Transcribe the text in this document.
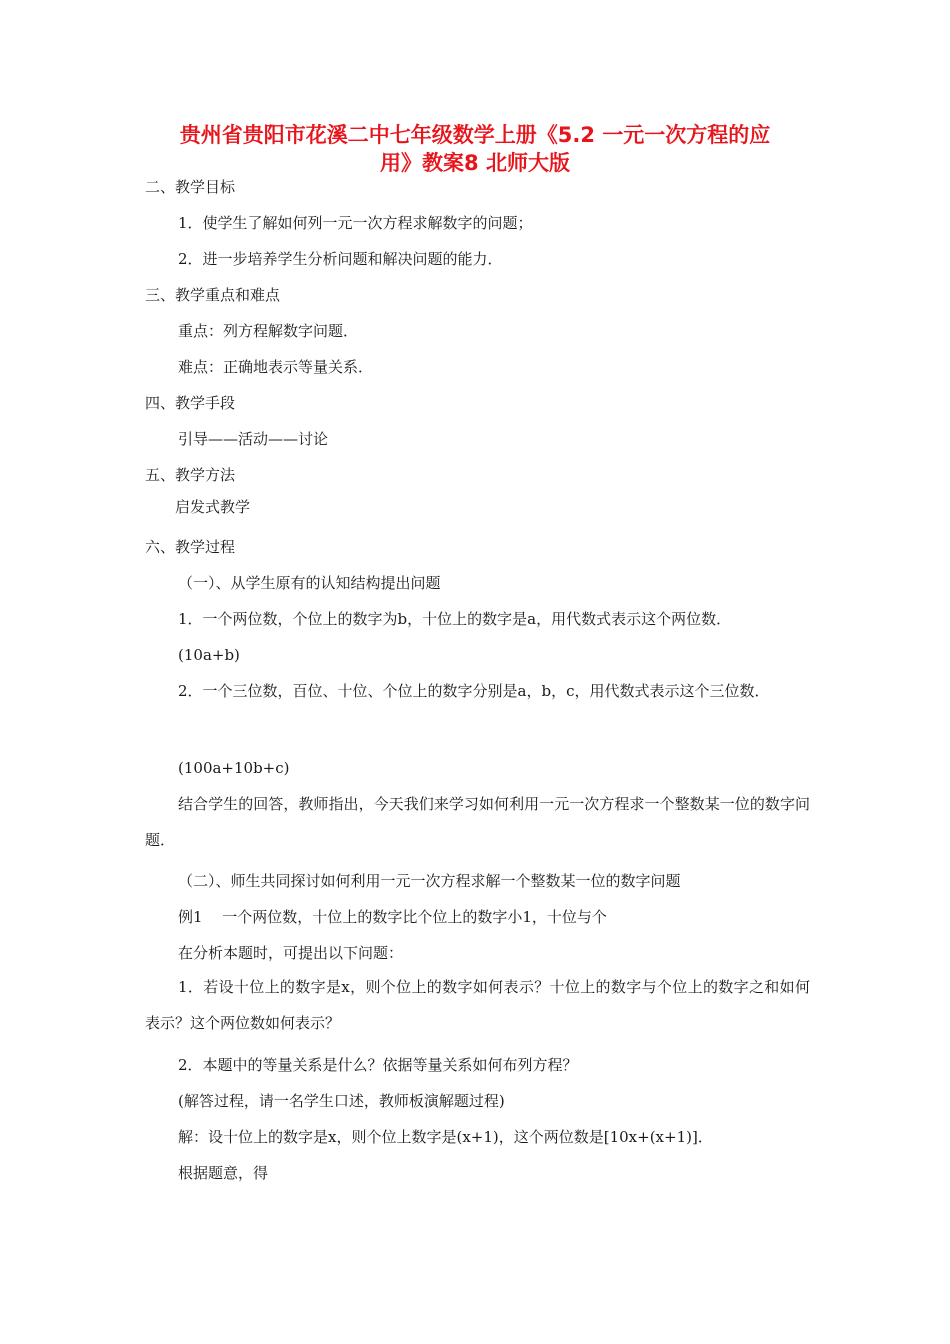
贵州省贵阳市花溪二中七年级数学上册《5.2 一元一次方程的应
用》教案8 北师大版

二、教学目标

1．使学生了解如何列一元一次方程求解数字的问题；

2．进一步培养学生分析问题和解决问题的能力．

三、教学重点和难点

重点：列方程解数字问题．

难点：正确地表示等量关系．

四、教学手段

引导——活动——讨论

五、教学方法

启发式教学

六、教学过程

（一）、从学生原有的认知结构提出问题

1．一个两位数，个位上的数字为b，十位上的数字是a，用代数式表示这个两位数．

(10a+b)

2．一个三位数，百位、十位、个位上的数字分别是a，b，c，用代数式表示这个三位数．

(100a+10b+c)

结合学生的回答，教师指出，今天我们来学习如何利用一元一次方程求一个整数某一位的数字问题．

（二）、师生共同探讨如何利用一元一次方程求解一个整数某一位的数字问题

例1　 一个两位数，十位上的数字比个位上的数字小1，十位与个

在分析本题时，可提出以下问题：

1．若设十位上的数字是x，则个位上的数字如何表示？十位上的数字与个位上的数字之和如何表示？这个两位数如何表示？

2．本题中的等量关系是什么？依据等量关系如何布列方程？

(解答过程，请一名学生口述，教师板演解题过程)

解：设十位上的数字是x，则个位上数字是(x+1)，这个两位数是[10x+(x+1)]．

根据题意，得
